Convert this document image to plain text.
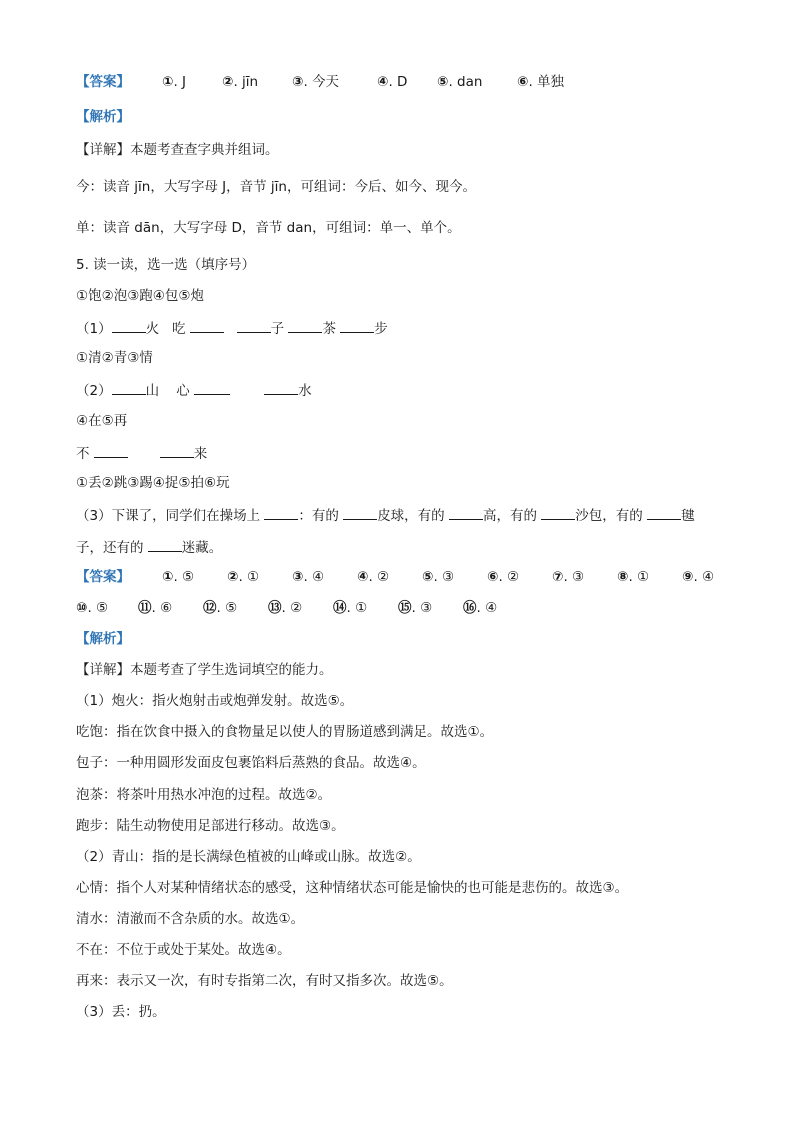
【答案】 ① . J	② . jīn	③ . 今天	④ . D ⑤ . dan	⑥ . 单独
【解析】
【详解】本题考查查字典并组词。
今：读音 jīn，大写字母 J，音节 jīn，可组词：今后、如今、现今。
单：读音 dān，大写字母 D，音节 dan，可组词：单一、单个。
5. 读一读，选一选（填序号）
①饱②泡③跑④包⑤炮
（1）	火 吃	子	茶	步
①清②青③情
（2）	山 心	水
④在⑤再
不	来
①丢②跳③踢④捉⑤拍⑥玩
（3）下课了，同学们在操场上	：有的	皮球，有的	高，有的	沙包，有的	毽
子，还有的	迷藏。
【答案】 ① . ⑤ ② . ① ③ . ④ ④ . ② ⑤ . ③ ⑥ . ② ⑦ . ③ ⑧ . ① ⑨ . ④
⑩ . ⑤ ⑪ . ⑥ ⑫ . ⑤ ⑬ . ② ⑭ . ① ⑮ . ③ ⑯ . ④
【解析】
【详解】本题考查了学生选词填空的能力。
（1）炮火：指火炮射击或炮弹发射。故选⑤。
吃饱：指在饮食中摄入的食物量足以使人的胃肠道感到满足。故选①。
包子：一种用圆形发面皮包裹馅料后蒸熟的食品。故选④。
泡茶：将茶叶用热水冲泡的过程。故选②。
跑步：陆生动物使用足部进行移动。故选③。
（2）青山：指的是长满绿色植被的山峰或山脉。故选②。
心情：指个人对某种情绪状态的感受，这种情绪状态可能是愉快的也可能是悲伤的。故选③。
清水：清澈而不含杂质的水。故选①。
不在：不位于或处于某处。故选④。
再来：表示又一次，有时专指第二次，有时又指多次。故选⑤。
（3）丢：扔。
